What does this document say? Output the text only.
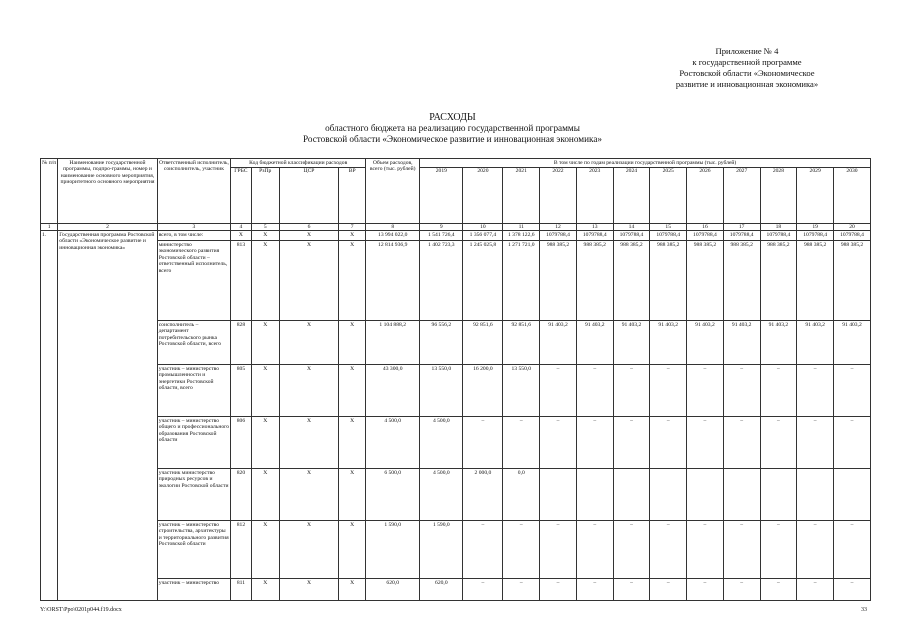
Приложение № 4
к государственной программе
Ростовской области «Экономическое
развитие и инновационная экономика»
РАСХОДЫ
областного бюджета на реализацию государственной программы
Ростовской области «Экономическое развитие и инновационная экономика»
№ п/п	Наименование государственной программы, подпро-граммы, номер и наименование основного мероприятия, приоритетного основного мероприятия	Ответственный исполнитель, соисполнитель, участник	Код бюджетной классификации расходов				Объем расходов, всего (тыс. рублей)	В том числе по годам реализации государственной программы (тыс. рублей)											
			ГРБС	РзПр	ЦСР	ВР		2019	2020	2021	2022	2023	2024	2025	2026	2027	2028	2029	2030
1	2	3	4	5	6	7	8	9	10	11	12	13	14	15	16	17	18	19	20
1.	Государственная программа Ростовской области «Экономическое развитие и инновационная экономика»	всего, в том числе:	X	X	X	X	13 994 022,0	1 541 726,4	1 356 077,4	1 378 122,6	1079788,4	1079788,4	1079788,4	1079788,4	1079788,4	1079788,4	1079788,4	1079788,4	1079788,4
		министерство экономического развития Ростовской области – ответственный исполнитель, всего	813	X	X	X	12 814 936,9	1 402 723,3	1 245 025,8	1 271 721,0	988 385,2	988 385,2	988 385,2	988 385,2	988 385,2	988 385,2	988 385,2	988 385,2	988 385,2
		соисполнитель – департамент потребительского рынка Ростовской области, всего	828	X	X	X	1 104 888,2	96 556,2	92 851,6	92 851,6	91 403,2	91 403,2	91 403,2	91 403,2	91 403,2	91 403,2	91 403,2	91 403,2	91 403,2
		участник – министерство промышленности и энергетики Ростовской области, всего	805	X	X	X	43 300,0	13 550,0	16 200,0	13 550,0	–	–	–	–	–	–	–	–	–
		участник – министерство общего и профессионального образования Ростовской области	806	X	X	X	4 500,0	4 500,0	–	–	–	–	–	–	–	–	–	–	–
		участник министерство природных ресурсов и экологии Ростовской области	820	X	X	X	6 500,0	4 500,0	2 000,0	0,0									
		участник – министерство строительства, архитектуры и территориального развития Ростовской области	812	X	X	X	1 590,0	1 590,0	–	–	–	–	–	–	–	–	–	–	–
		участник – министерство	811	X	X	X	620,0	620,0	–	–	–	–	–	–	–	–	–	–	–
Y:\ORST\Ppo\0201p044.f19.docx	33
